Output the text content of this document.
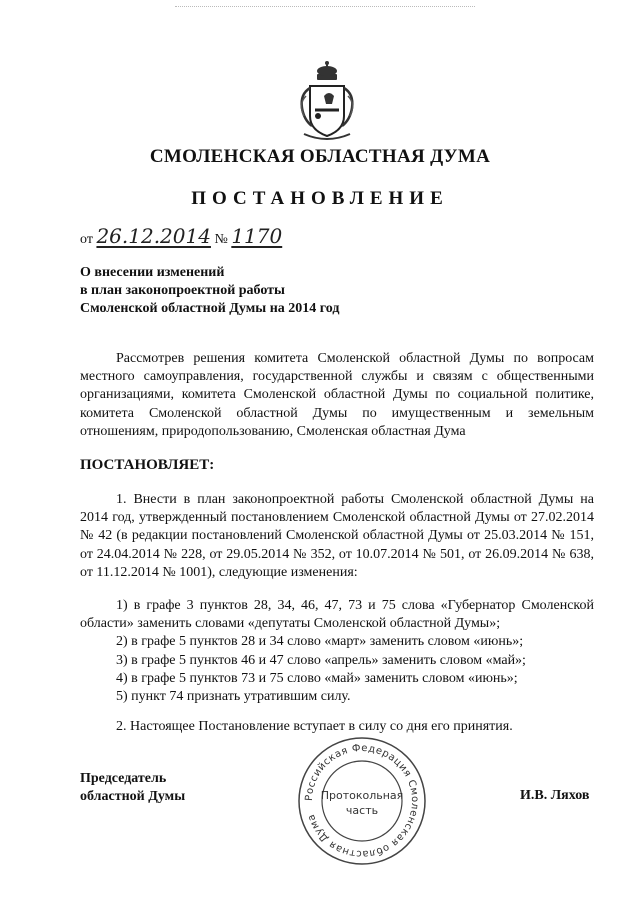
СМОЛЕНСКАЯ ОБЛАСТНАЯ ДУМА
ПОСТАНОВЛЕНИЕ
от 26.12.2014 № 1170
О внесении изменений
в план законопроектной работы
Смоленской областной Думы на 2014 год
Рассмотрев решения комитета Смоленской областной Думы по вопросам местного самоуправления, государственной службы и связям с общественными организациями, комитета Смоленской областной Думы по социальной политике, комитета Смоленской областной Думы по имущественным и земельным отношениям, природопользованию, Смоленская областная Дума
ПОСТАНОВЛЯЕТ:
1. Внести в план законопроектной работы Смоленской областной Думы на 2014 год, утвержденный постановлением Смоленской областной Думы от 27.02.2014 № 42 (в редакции постановлений Смоленской областной Думы от 25.03.2014 № 151, от 24.04.2014 № 228, от 29.05.2014 № 352, от 10.07.2014 № 501, от 26.09.2014 № 638, от 11.12.2014 № 1001), следующие изменения:
1) в графе 3 пунктов 28, 34, 46, 47, 73 и 75 слова «Губернатор Смоленской области» заменить словами «депутаты Смоленской областной Думы»;
2) в графе 5 пунктов 28 и 34 слово «март» заменить словом «июнь»;
3) в графе 5 пунктов 46 и 47 слово «апрель» заменить словом «май»;
4) в графе 5 пунктов 73 и 75 слово «май» заменить словом «июнь»;
5) пункт 74 признать утратившим силу.
2. Настоящее Постановление вступает в силу со дня его принятия.
Председатель
областной Думы	И.В. Ляхов
Российская Федерация Смоленская областная Дума
Протокольная
часть
